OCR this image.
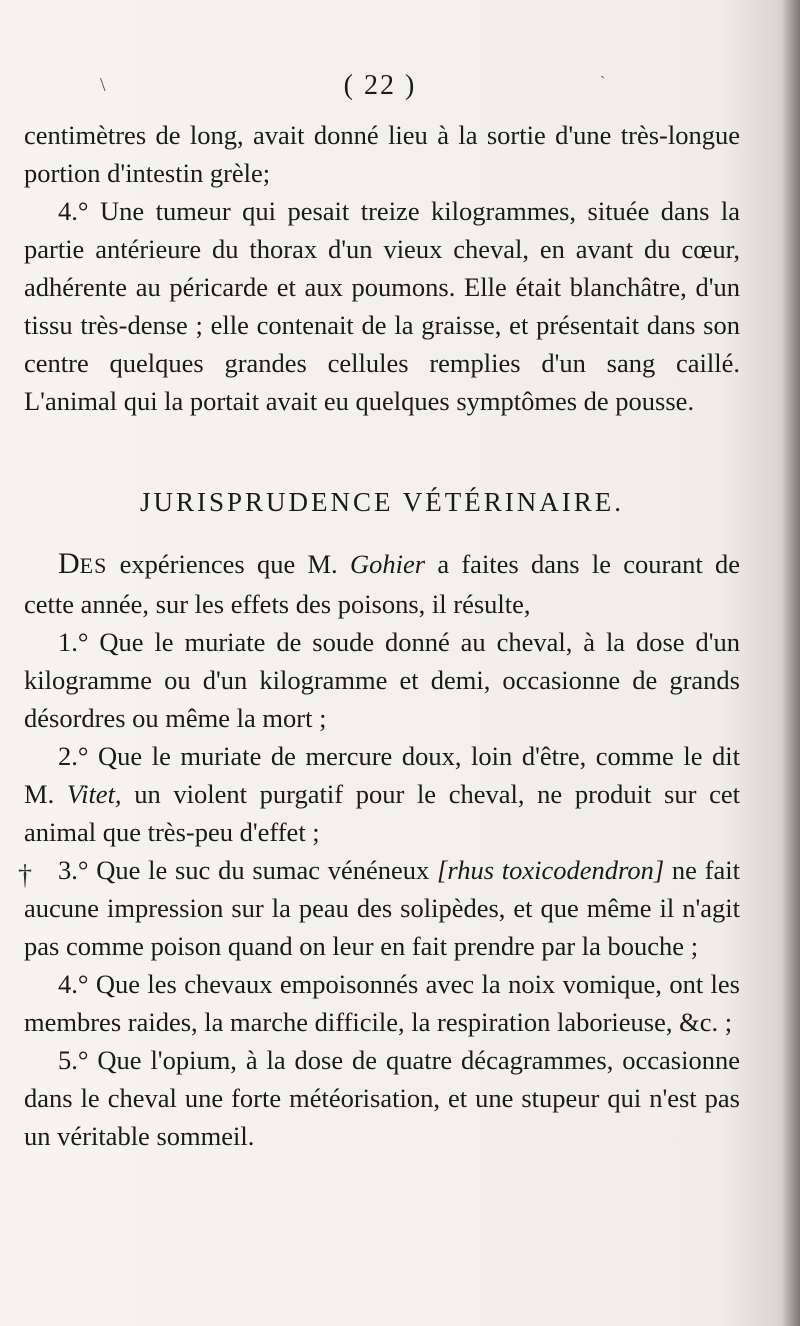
\	ˋ
( 22 )

centimètres de long, avait donné lieu à la sortie d'une très-longue portion d'intestin grèle;

4.° Une tumeur qui pesait treize kilogrammes, située dans la partie antérieure du thorax d'un vieux cheval, en avant du cœur, adhérente au péricarde et aux poumons. Elle était blanchâtre, d'un tissu très-dense ; elle contenait de la graisse, et présentait dans son centre quelques grandes cellules remplies d'un sang caillé. L'animal qui la portait avait eu quelques symptômes de pousse.

JURISPRUDENCE VÉTÉRINAIRE.

DES expériences que M. Gohier a faites dans le courant de cette année, sur les effets des poisons, il résulte,

1.° Que le muriate de soude donné au cheval, à la dose d'un kilogramme ou d'un kilogramme et demi, occasionne de grands désordres ou même la mort ;

2.° Que le muriate de mercure doux, loin d'être, comme le dit M. Vitet, un violent purgatif pour le cheval, ne produit sur cet animal que très-peu d'effet ;

3.° Que le suc du sumac vénéneux [rhus toxicodendron] ne fait aucune impression sur la peau des solipèdes, et que même il n'agit pas comme poison quand on leur en fait prendre par la bouche ;

4.° Que les chevaux empoisonnés avec la noix vomique, ont les membres raides, la marche difficile, la respiration laborieuse, &c. ;

5.° Que l'opium, à la dose de quatre décagrammes, occasionne dans le cheval une forte météorisation, et une stupeur qui n'est pas un véritable sommeil.

†
